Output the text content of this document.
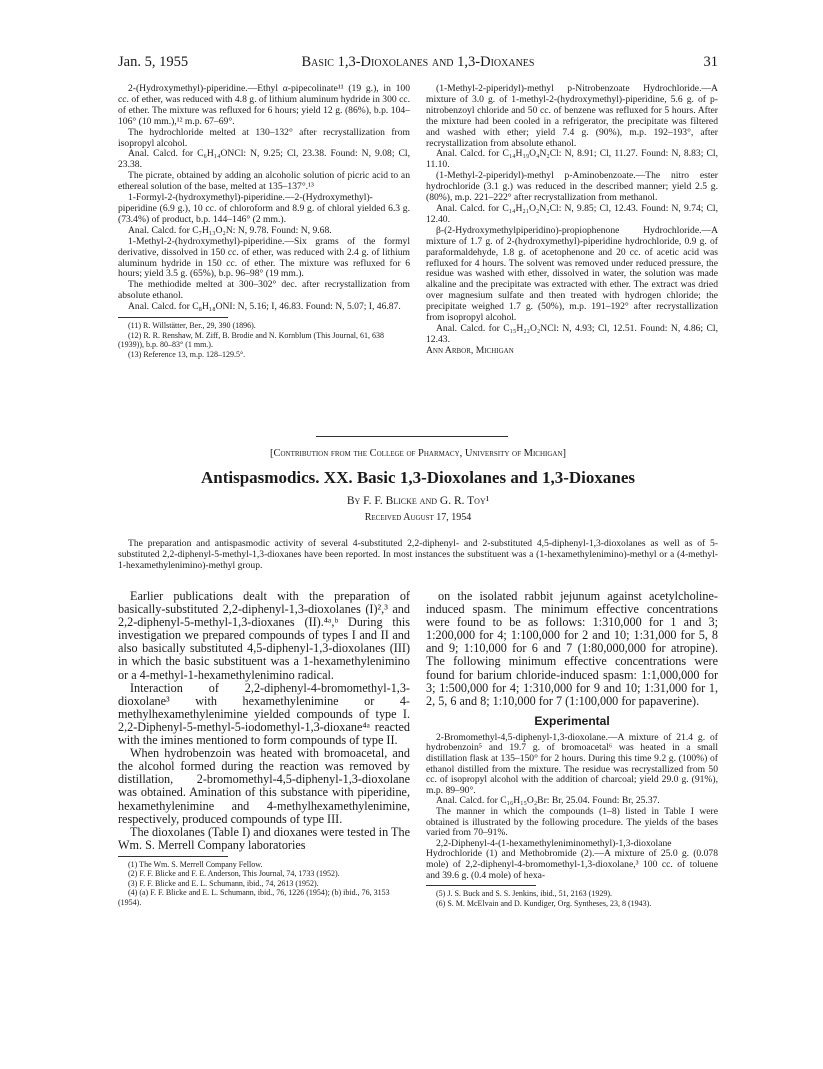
Jan. 5, 1955	Basic 1,3-Dioxolanes and 1,3-Dioxanes	31

2-(Hydroxymethyl)-piperidine.—Ethyl α-pipecolinate¹¹ (19 g.), in 100 cc. of ether, was reduced with 4.8 g. of lithium aluminum hydride in 300 cc. of ether. The mixture was refluxed for 6 hours; yield 12 g. (86%), b.p. 104–106° (10 mm.),¹² m.p. 67–69°.

The hydrochloride melted at 130–132° after recrystallization from isopropyl alcohol.

Anal. Calcd. for C₆H₁₄ONCl: N, 9.25; Cl, 23.38. Found: N, 9.08; Cl, 23.38.

The picrate, obtained by adding an alcoholic solution of picric acid to an ethereal solution of the base, melted at 135–137°.¹³

1-Formyl-2-(hydroxymethyl)-piperidine.—2-(Hydroxymethyl)-piperidine (6.9 g.), 10 cc. of chloroform and 8.9 g. of chloral yielded 6.3 g. (73.4%) of product, b.p. 144–146° (2 mm.).

Anal. Calcd. for C₇H₁₃O₂N: N, 9.78. Found: N, 9.68.

1-Methyl-2-(hydroxymethyl)-piperidine.—Six grams of the formyl derivative, dissolved in 150 cc. of ether, was reduced with 2.4 g. of lithium aluminum hydride in 150 cc. of ether. The mixture was refluxed for 6 hours; yield 3.5 g. (65%), b.p. 96–98° (19 mm.).

The methiodide melted at 300–302° dec. after recrystallization from absolute ethanol.

Anal. Calcd. for C₈H₁₈ONI: N, 5.16; I, 46.83. Found: N, 5.07; I, 46.87.

(11) R. Willstätter, Ber., 29, 390 (1896).

(12) R. R. Renshaw, M. Ziff, B. Brodie and N. Kornblum (This Journal, 61, 638 (1939)), b.p. 80–83° (1 mm.).

(13) Reference 13, m.p. 128–129.5°.

(1-Methyl-2-piperidyl)-methyl p-Nitrobenzoate Hydrochloride.—A mixture of 3.0 g. of 1-methyl-2-(hydroxymethyl)-piperidine, 5.6 g. of p-nitrobenzoyl chloride and 50 cc. of benzene was refluxed for 5 hours. After the mixture had been cooled in a refrigerator, the precipitate was filtered and washed with ether; yield 7.4 g. (90%), m.p. 192–193°, after recrystallization from absolute ethanol.

Anal. Calcd. for C₁₄H₁₉O₄N₂Cl: N, 8.91; Cl, 11.27. Found: N, 8.83; Cl, 11.10.

(1-Methyl-2-piperidyl)-methyl p-Aminobenzoate.—The nitro ester hydrochloride (3.1 g.) was reduced in the described manner; yield 2.5 g. (80%), m.p. 221–222° after recrystallization from methanol.

Anal. Calcd. for C₁₄H₂₁O₂N₂Cl: N, 9.85; Cl, 12.43. Found: N, 9.74; Cl, 12.40.

β-(2-Hydroxymethylpiperidino)-propiophenone Hydrochloride.—A mixture of 1.7 g. of 2-(hydroxymethyl)-piperidine hydrochloride, 0.9 g. of paraformaldehyde, 1.8 g. of acetophenone and 20 cc. of acetic acid was refluxed for 4 hours. The solvent was removed under reduced pressure, the residue was washed with ether, dissolved in water, the solution was made alkaline and the precipitate was extracted with ether. The extract was dried over magnesium sulfate and then treated with hydrogen chloride; the precipitate weighed 1.7 g. (50%), m.p. 191–192° after recrystallization from isopropyl alcohol.

Anal. Calcd. for C₁₅H₂₂O₂NCl: N, 4.93; Cl, 12.51. Found: N, 4.86; Cl, 12.43.

Ann Arbor, Michigan

[Contribution from the College of Pharmacy, University of Michigan]
Antispasmodics. XX. Basic 1,3-Dioxolanes and 1,3-Dioxanes
By F. F. Blicke and G. R. Toy¹
Received August 17, 1954
The preparation and antispasmodic activity of several 4-substituted 2,2-diphenyl- and 2-substituted 4,5-diphenyl-1,3-dioxolanes as well as of 5-substituted 2,2-diphenyl-5-methyl-1,3-dioxanes have been reported. In most instances the substituent was a (1-hexamethylenimino)-methyl or a (4-methyl-1-hexamethylenimino)-methyl group.

Earlier publications dealt with the preparation of basically-substituted 2,2-diphenyl-1,3-dioxolanes (I)²,³ and 2,2-diphenyl-5-methyl-1,3-dioxanes (II).⁴ᵃ,ᵇ During this investigation we prepared compounds of types I and II and also basically substituted 4,5-diphenyl-1,3-dioxolanes (III) in which the basic substituent was a 1-hexamethylenimino or a 4-methyl-1-hexamethylenimino radical.

Interaction of 2,2-diphenyl-4-bromomethyl-1,3-dioxolane³ with hexamethylenimine or 4-methylhexamethylenimine yielded compounds of type I. 2,2-Diphenyl-5-methyl-5-iodomethyl-1,3-dioxane⁴ᵃ reacted with the imines mentioned to form compounds of type II.

When hydrobenzoin was heated with bromoacetal, and the alcohol formed during the reaction was removed by distillation, 2-bromomethyl-4,5-diphenyl-1,3-dioxolane was obtained. Amination of this substance with piperidine, hexamethylenimine and 4-methylhexamethylenimine, respectively, produced compounds of type III.

The dioxolanes (Table I) and dioxanes were tested in The Wm. S. Merrell Company laboratories

(1) The Wm. S. Merrell Company Fellow.

(2) F. F. Blicke and F. E. Anderson, This Journal, 74, 1733 (1952).

(3) F. F. Blicke and E. L. Schumann, ibid., 74, 2613 (1952).

(4) (a) F. F. Blicke and E. L. Schumann, ibid., 76, 1226 (1954); (b) ibid., 76, 3153 (1954).

on the isolated rabbit jejunum against acetylcholine-induced spasm. The minimum effective concentrations were found to be as follows: 1:310,000 for 1 and 3; 1:200,000 for 4; 1:100,000 for 2 and 10; 1:31,000 for 5, 8 and 9; 1:10,000 for 6 and 7 (1:80,000,000 for atropine). The following minimum effective concentrations were found for barium chloride-induced spasm: 1:1,000,000 for 3; 1:500,000 for 4; 1:310,000 for 9 and 10; 1:31,000 for 1, 2, 5, 6 and 8; 1:10,000 for 7 (1:100,000 for papaverine).

Experimental

2-Bromomethyl-4,5-diphenyl-1,3-dioxolane.—A mixture of 21.4 g. of hydrobenzoin⁵ and 19.7 g. of bromoacetal⁶ was heated in a small distillation flask at 135–150° for 2 hours. During this time 9.2 g. (100%) of ethanol distilled from the mixture. The residue was recrystallized from 50 cc. of isopropyl alcohol with the addition of charcoal; yield 29.0 g. (91%), m.p. 89–90°.

Anal. Calcd. for C₁₆H₁₅O₂Br: Br, 25.04. Found: Br, 25.37.

The manner in which the compounds (1–8) listed in Table I were obtained is illustrated by the following procedure. The yields of the bases varied from 70–91%.

2,2-Diphenyl-4-(1-hexamethyleniminomethyl)-1,3-dioxolane Hydrochloride (1) and Methobromide (2).—A mixture of 25.0 g. (0.078 mole) of 2,2-diphenyl-4-bromomethyl-1,3-dioxolane,³ 100 cc. of toluene and 39.6 g. (0.4 mole) of hexa-

(5) J. S. Buck and S. S. Jenkins, ibid., 51, 2163 (1929).

(6) S. M. McElvain and D. Kundiger, Org. Syntheses, 23, 8 (1943).
